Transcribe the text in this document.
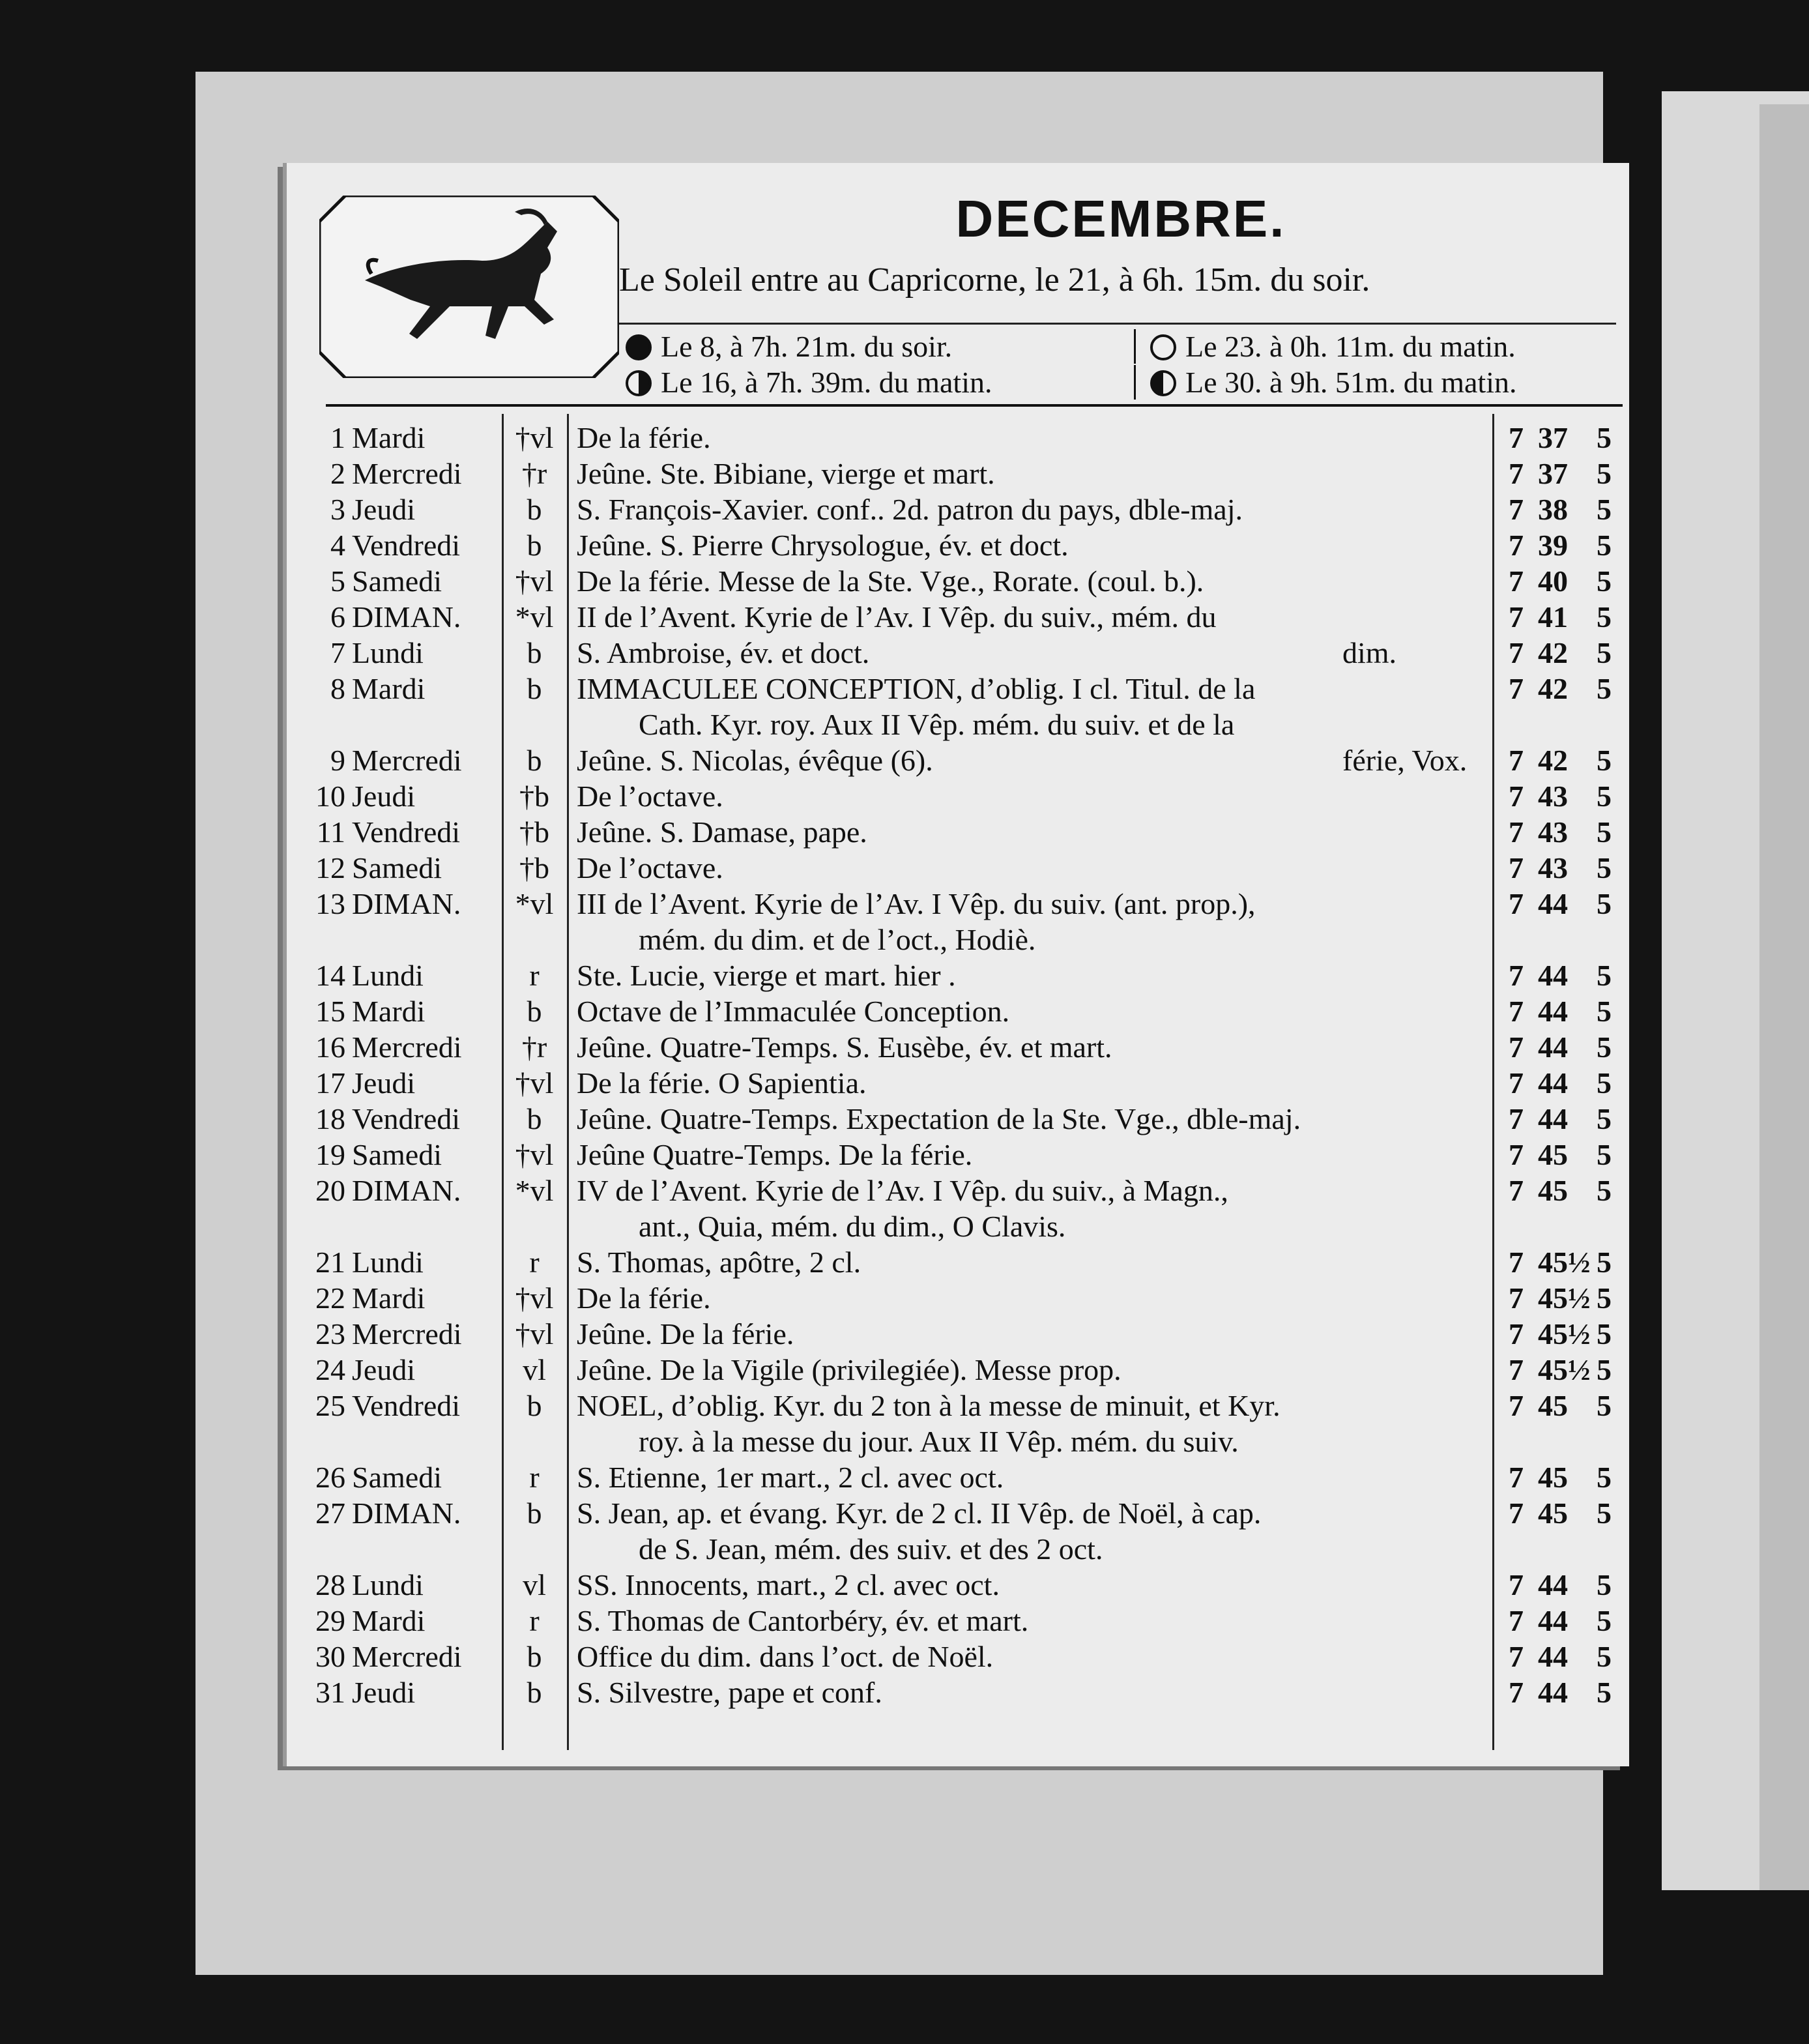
DECEMBRE.
Le Soleil entre au Capricorne, le 21, à 6h. 15m. du soir.
Le 8, à 7h. 21m. du soir.
Le 16, à 7h. 39m. du matin.
Le 23. à 0h. 11m. du matin.
Le 30. à 9h. 51m. du matin.
1 Mardi	†vl De la férie.	7 37 5
2 Mercredi	†r Jeûne. Ste. Bibiane, vierge et mart.	7 37 5
3 Jeudi	b	S. François-Xavier. conf.. 2d. patron du pays, dble-maj.	7 38 5
4 Vendredi	b	Jeûne. S. Pierre Chrysologue, év. et doct.	7 39 5
5 Samedi	†vl De la férie. Messe de la Ste. Vge., Rorate. (coul. b.).	7 40 5
6 DIMAN.	*vl II de l’Avent. Kyrie de l’Av. I Vêp. du suiv., mém. du	7 41 5
7 Lundi	b	S. Ambroise, év. et doct.	dim.	7 42 5
8 Mardi	b	IMMACULEE CONCEPTION, d’oblig. I cl. Titul. de la	7 42 5
Cath. Kyr. roy. Aux II Vêp. mém. du suiv. et de la
9 Mercredi	b	Jeûne. S. Nicolas, évêque (6).	férie, Vox. 7 42 5
10 Jeudi	†b De l’octave.	7 43 5
11 Vendredi	†b Jeûne. S. Damase, pape.	7 43 5
12 Samedi	†b De l’octave.	7 43 5
13 DIMAN.	*vl III de l’Avent. Kyrie de l’Av. I Vêp. du suiv. (ant. prop.),	7 44 5
mém. du dim. et de l’oct., Hodiè.
14 Lundi	r	Ste. Lucie, vierge et mart. hier .	7 44 5
15 Mardi	b	Octave de l’Immaculée Conception.	7 44 5
16 Mercredi	†r Jeûne. Quatre-Temps. S. Eusèbe, év. et mart.	7 44 5
17 Jeudi	†vl De la férie. O Sapientia.	7 44 5
18 Vendredi	b	Jeûne. Quatre-Temps. Expectation de la Ste. Vge., dble-maj.	7 44 5
19 Samedi	†vl Jeûne Quatre-Temps. De la férie.	7 45 5
20 DIMAN.	*vl IV de l’Avent. Kyrie de l’Av. I Vêp. du suiv., à Magn.,	7 45 5
ant., Quia, mém. du dim., O Clavis.
21 Lundi	r	S. Thomas, apôtre, 2 cl.	7 45½ 5
22 Mardi	†vl De la férie.	7 45½ 5
23 Mercredi	†vl Jeûne. De la férie.	7 45½ 5
24 Jeudi	vl	Jeûne. De la Vigile (privilegiée). Messe prop.	7 45½ 5
25 Vendredi	b	NOEL, d’oblig. Kyr. du 2 ton à la messe de minuit, et Kyr.	7 45 5
roy. à la messe du jour. Aux II Vêp. mém. du suiv.
26 Samedi	r	S. Etienne, 1er mart., 2 cl. avec oct.	7 45 5
27 DIMAN.	b	S. Jean, ap. et évang. Kyr. de 2 cl. II Vêp. de Noël, à cap.	7 45 5
de S. Jean, mém. des suiv. et des 2 oct.
28 Lundi	vl	SS. Innocents, mart., 2 cl. avec oct.	7 44 5
29 Mardi	r	S. Thomas de Cantorbéry, év. et mart.	7 44 5
30 Mercredi	b	Office du dim. dans l’oct. de Noël.	7 44 5
31 Jeudi	b	S. Silvestre, pape et conf.	7 44 5
